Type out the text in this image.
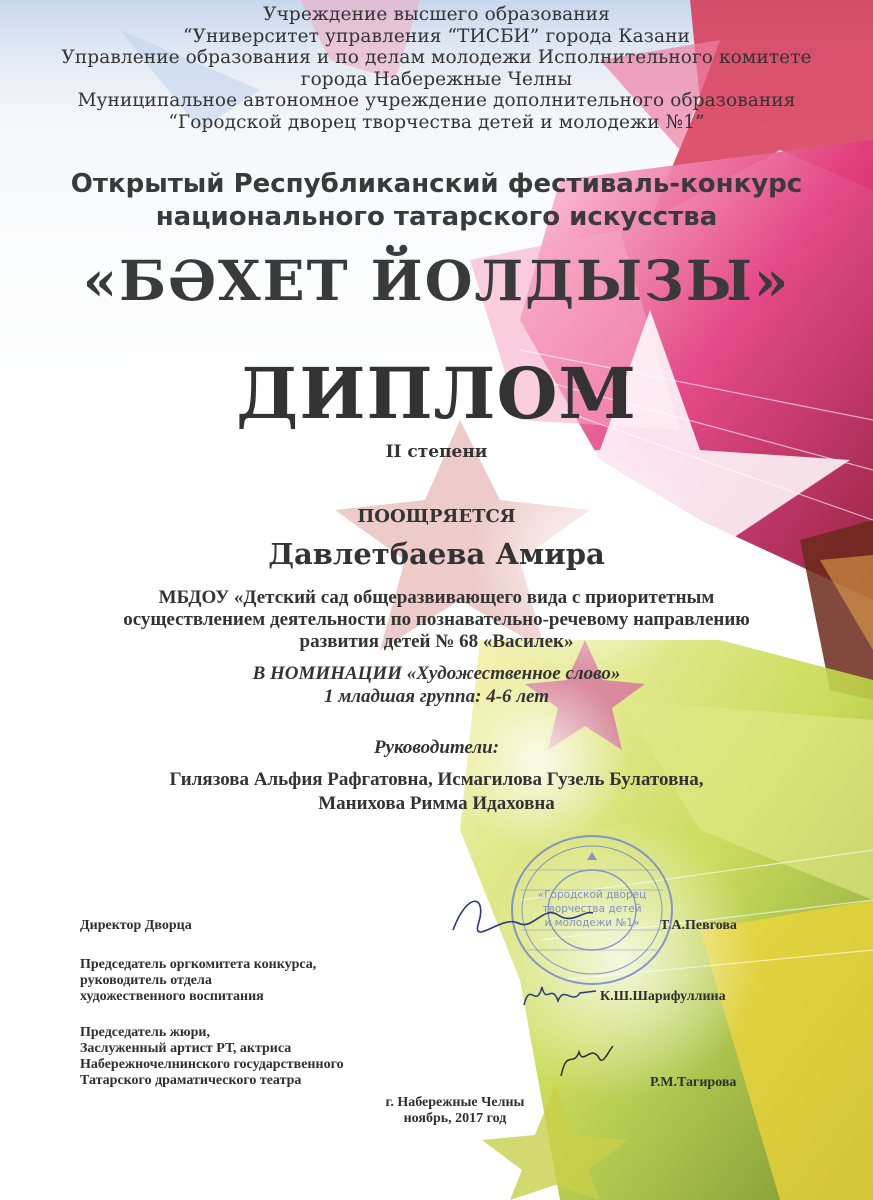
Учреждение высшего образования
“Университет управления “ТИСБИ” города Казани
Управление образования и по делам молодежи Исполнительного комитете
города Набережные Челны
Муниципальное автономное учреждение дополнительного образования
“Городской дворец творчества детей и молодежи №1”
Открытый Республиканский фестиваль-конкурс
национального татарского искусства
«БӘХЕТ ЙОЛДЫЗЫ»
ДИПЛОМ
II степени
ПООЩРЯЕТСЯ
Давлетбаева Амира
МБДОУ «Детский сад общеразвивающего вида с приоритетным
осуществлением деятельности по познавательно-речевому направлению
развития детей № 68 «Василек»
В НОМИНАЦИИ «Художественное слово»
1 младшая группа: 4-6 лет
Руководители:
Гилязова Альфия Рафгатовна, Исмагилова Гузель Булатовна,
Манихова Римма Идаховна
Директор Дворца	Т.А.Певгова
Председатель оргкомитета конкурса,
руководитель отдела
художественного воспитания	К.Ш.Шарифуллина
Председатель жюри,
Заслуженный артист РТ, актриса
Набережночелнинского государственного
Татарского драматического театра	Р.М.Тагирова
г. Набережные Челны
ноябрь, 2017 год
«Городской дворец
творчества детей
и молодежи №1»
